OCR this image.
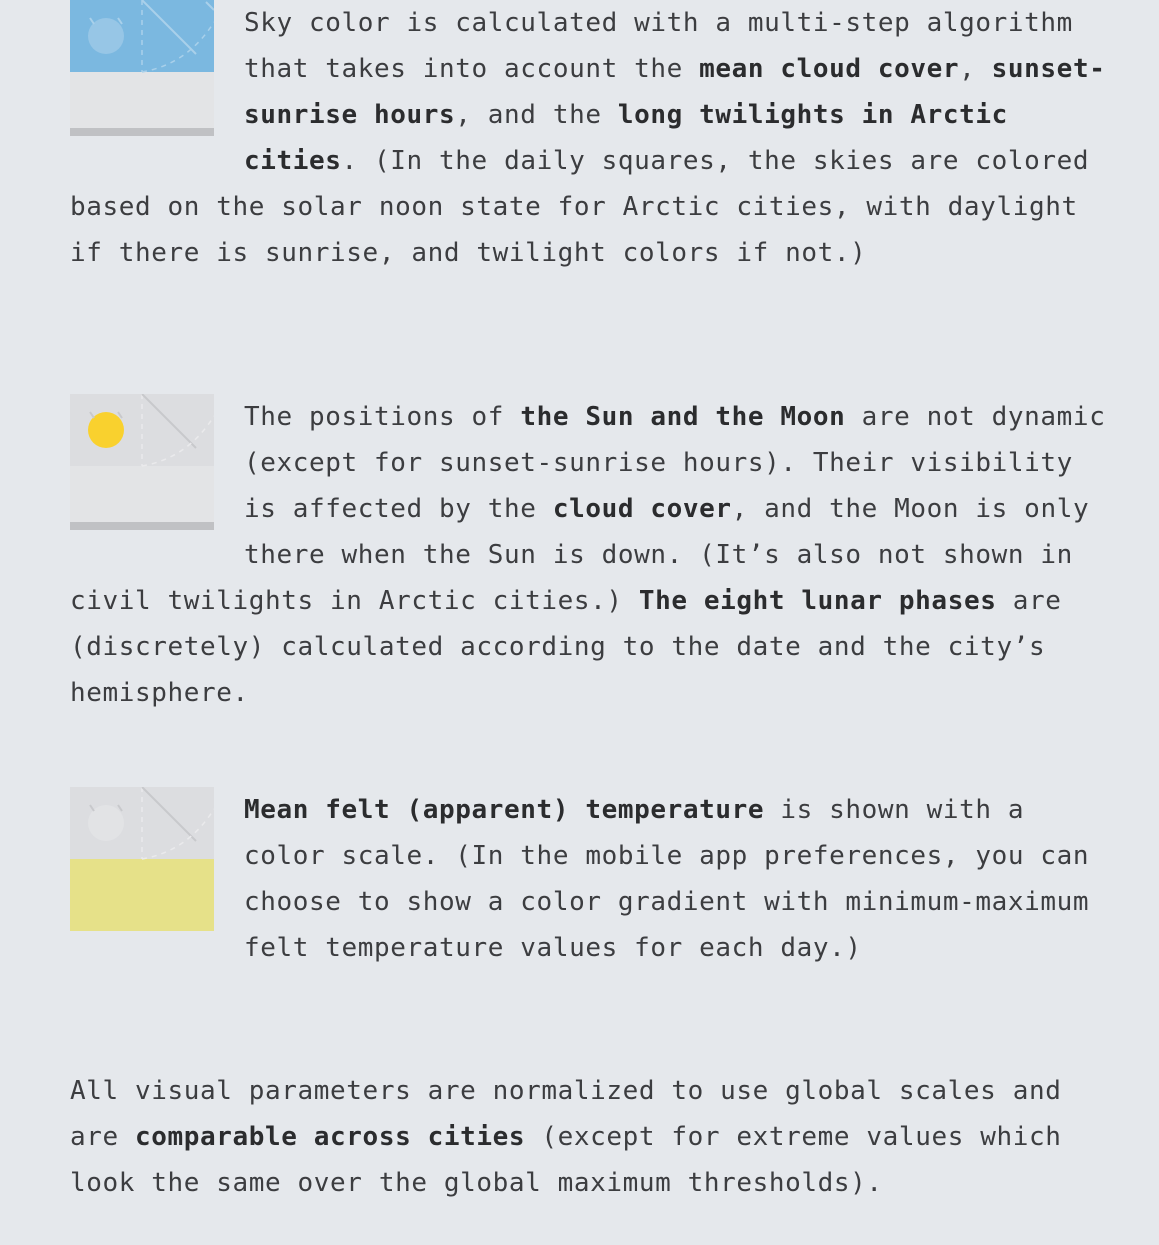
Sky color is calculated with a multi-step algorithm that takes into account the mean cloud cover, sunset-sunrise hours, and the long twilights in Arctic cities. (In the daily squares, the skies are colored based on the solar noon state for Arctic cities, with daylight if there is sunrise, and twilight colors if not.)

The positions of the Sun and the Moon are not dynamic (except for sunset-sunrise hours). Their visibility is affected by the cloud cover, and the Moon is only there when the Sun is down. (It’s also not shown in civil twilights in Arctic cities.) The eight lunar phases are (discretely) calculated according to the date and the city’s hemisphere.

Mean felt (apparent) temperature is shown with a color scale. (In the mobile app preferences, you can choose to show a color gradient with minimum-maximum felt temperature values for each day.)

All visual parameters are normalized to use global scales and are comparable across cities (except for extreme values which look the same over the global maximum thresholds).
